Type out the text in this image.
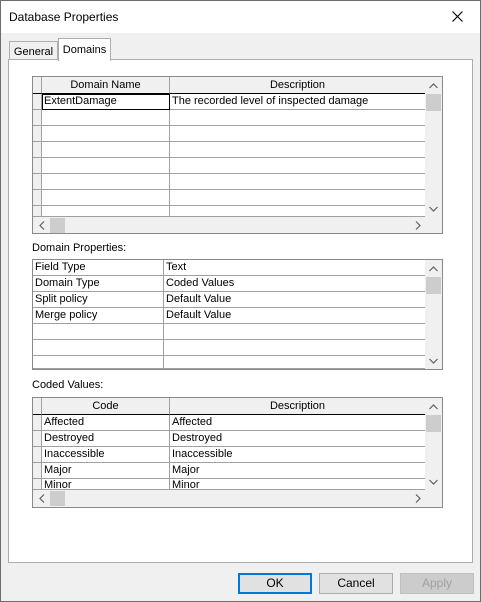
Database Properties
General Domains
Domain Name	Description
ExtentDamage	The recorded level of inspected damage
Domain Properties:
Field Type	Text
Domain Type	Coded Values
Split policy	Default Value
Merge policy	Default Value
Coded Values:
Code	Description
Affected	Affected
Destroyed	Destroyed
Inaccessible	Inaccessible
Major	Major
Minor	Minor
OK	Cancel	Apply
